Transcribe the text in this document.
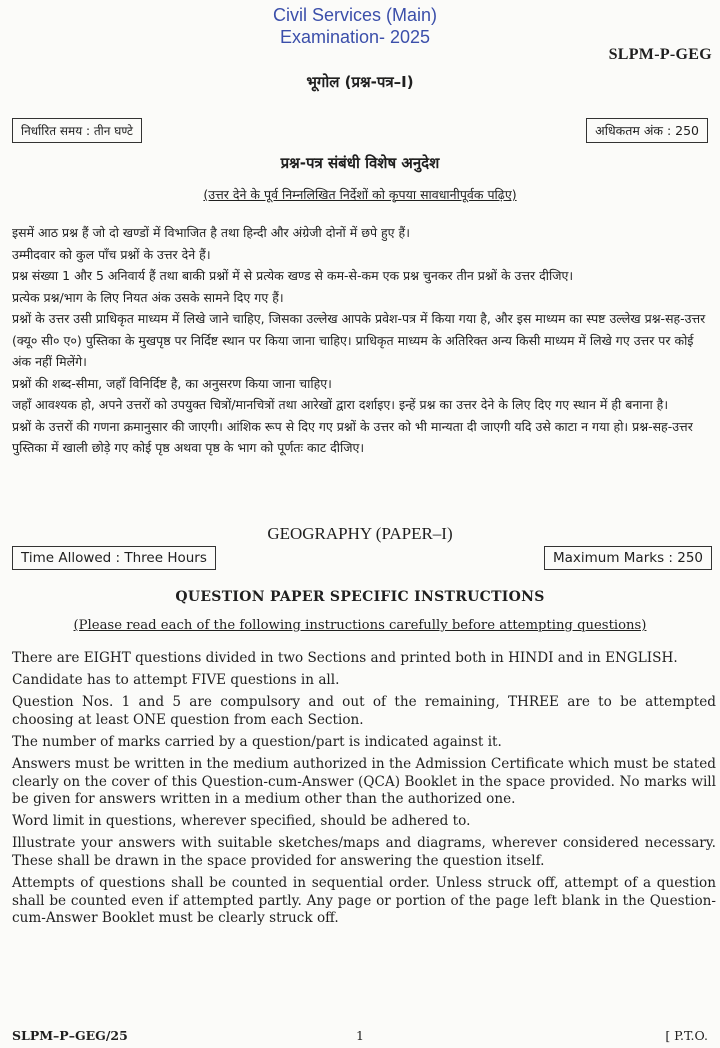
Civil Services (Main)
Examination- 2025
SLPM-P-GEG
भूगोल (प्रश्न-पत्र–I)
निर्धारित समय : तीन घण्टे	अधिकतम अंक : 250
प्रश्न-पत्र संबंधी विशेष अनुदेश
(उत्तर देने के पूर्व निम्नलिखित निर्देशों को कृपया सावधानीपूर्वक पढ़िए)

इसमें आठ प्रश्न हैं जो दो खण्डों में विभाजित है तथा हिन्दी और अंग्रेजी दोनों में छपे हुए हैं।

उम्मीदवार को कुल पाँच प्रश्नों के उत्तर देने हैं।

प्रश्न संख्या 1 और 5 अनिवार्य हैं तथा बाकी प्रश्नों में से प्रत्येक खण्ड से कम-से-कम एक प्रश्न चुनकर तीन प्रश्नों के उत्तर दीजिए।

प्रत्येक प्रश्न/भाग के लिए नियत अंक उसके सामने दिए गए हैं।

प्रश्नों के उत्तर उसी प्राधिकृत माध्यम में लिखे जाने चाहिए, जिसका उल्लेख आपके प्रवेश-पत्र में किया गया है, और इस माध्यम का स्पष्ट उल्लेख प्रश्न-सह-उत्तर (क्यू० सी० ए०) पुस्तिका के मुखपृष्ठ पर निर्दिष्ट स्थान पर किया जाना चाहिए। प्राधिकृत माध्यम के अतिरिक्त अन्य किसी माध्यम में लिखे गए उत्तर पर कोई अंक नहीं मिलेंगे।

प्रश्नों की शब्द-सीमा, जहाँ विनिर्दिष्ट है, का अनुसरण किया जाना चाहिए।

जहाँ आवश्यक हो, अपने उत्तरों को उपयुक्त चित्रों/मानचित्रों तथा आरेखों द्वारा दर्शाइए। इन्हें प्रश्न का उत्तर देने के लिए दिए गए स्थान में ही बनाना है।

प्रश्नों के उत्तरों की गणना क्रमानुसार की जाएगी। आंशिक रूप से दिए गए प्रश्नों के उत्तर को भी मान्यता दी जाएगी यदि उसे काटा न गया हो। प्रश्न-सह-उत्तर पुस्तिका में खाली छोड़े गए कोई पृष्ठ अथवा पृष्ठ के भाग को पूर्णतः काट दीजिए।

GEOGRAPHY (PAPER–I)
Time Allowed : Three Hours	Maximum Marks : 250
QUESTION PAPER SPECIFIC INSTRUCTIONS
(Please read each of the following instructions carefully before attempting questions)

There are EIGHT questions divided in two Sections and printed both in HINDI and in ENGLISH.

Candidate has to attempt FIVE questions in all.

Question Nos. 1 and 5 are compulsory and out of the remaining, THREE are to be attempted choosing at least ONE question from each Section.

The number of marks carried by a question/part is indicated against it.

Answers must be written in the medium authorized in the Admission Certificate which must be stated clearly on the cover of this Question-cum-Answer (QCA) Booklet in the space provided. No marks will be given for answers written in a medium other than the authorized one.

Word limit in questions, wherever specified, should be adhered to.

Illustrate your answers with suitable sketches/maps and diagrams, wherever considered necessary. These shall be drawn in the space provided for answering the question itself.

Attempts of questions shall be counted in sequential order. Unless struck off, attempt of a question shall be counted even if attempted partly. Any page or portion of the page left blank in the Question-cum-Answer Booklet must be clearly struck off.

SLPM–P–GEG/25	1	[ P.T.O.
